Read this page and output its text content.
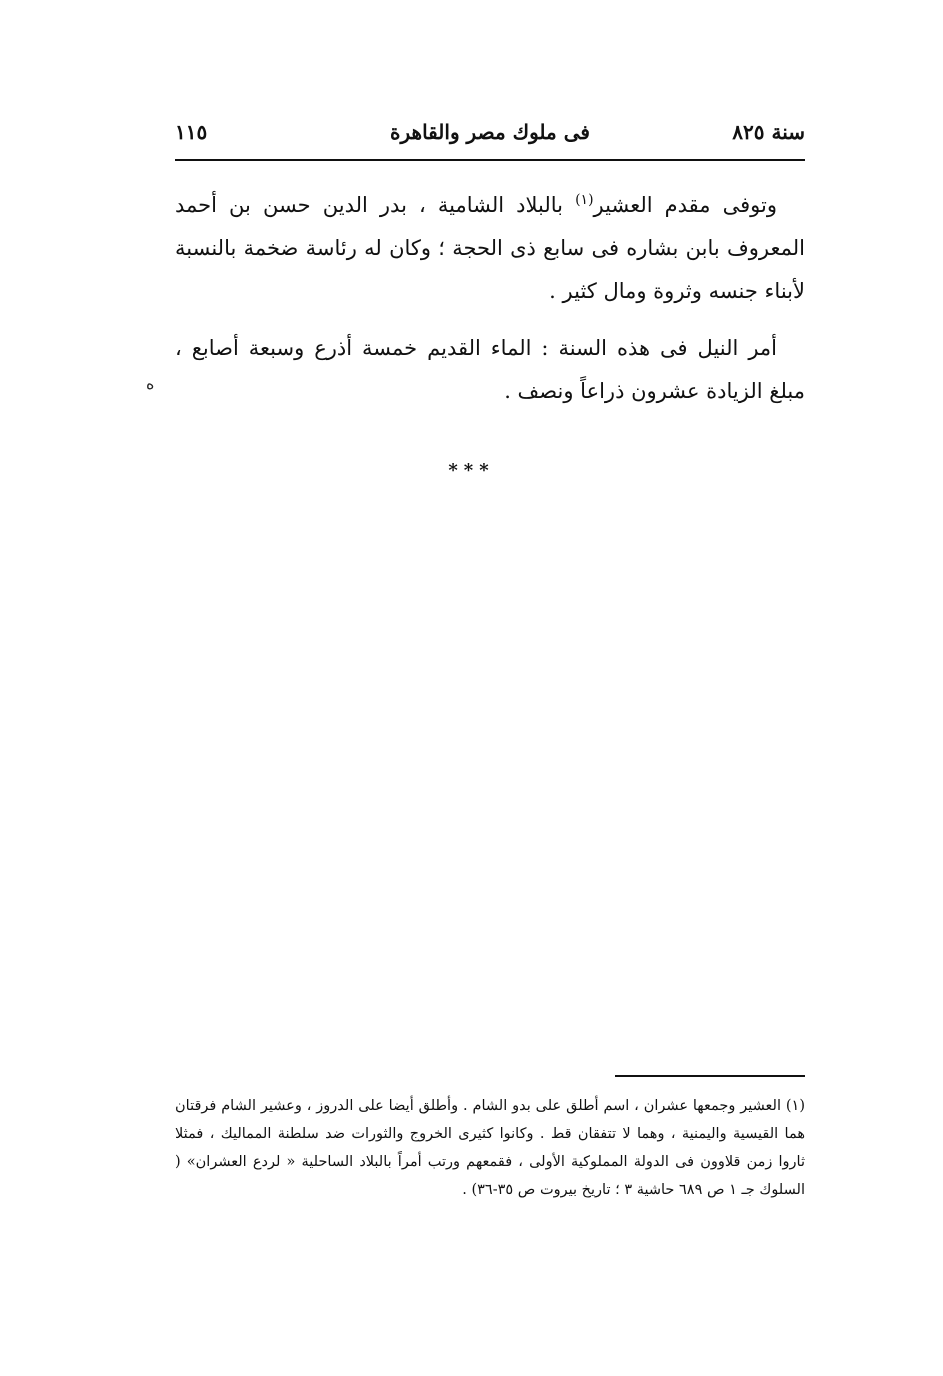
١١٥	فى ملوك مصر والقاهرة	سنة ٨٢٥

وتوفى مقدم العشير$^{(١)}$ بالبلاد الشامية ، بدر الدين حسن بن أحمد المعروف بابن بشاره فى سابع ذى الحجة ؛ وكان له رئاسة ضخمة بالنسبة لأبناء جنسه وثروة ومال كثير .

أمر النيل فى هذه السنة : الماء القديم خمسة أذرع وسبعة أصابع ، مبلغ الزيادة عشرون ذراعاً ونصف .

ه
***
(١) العشير وجمعها عشران ، اسم أطلق على بدو الشام . وأطلق أيضا على الدروز ، وعشير الشام فرقتان هما القيسية واليمنية ، وهما لا تتفقان قط . وكانوا كثيرى الخروج والثورات ضد سلطنة المماليك ، فمثلا ثاروا زمن قلاوون فى الدولة المملوكية الأولى ، فقمعهم ورتب أمراً بالبلاد الساحلية « لردع العشران» ( السلوك جـ ١ ص ٦٨٩ حاشية ٣ ؛ تاريخ بيروت ص ٣٥-٣٦) .
